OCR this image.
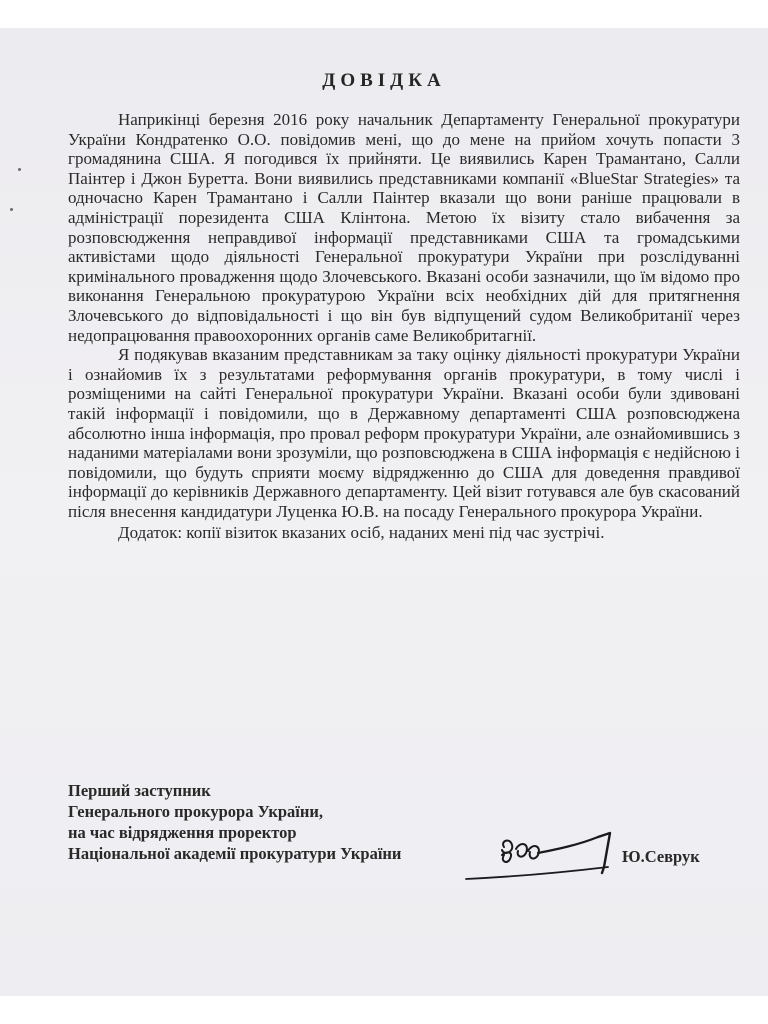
ДОВІДКА

Наприкінці березня 2016 року начальник Департаменту Генеральної прокуратури України Кондратенко О.О. повідомив мені, що до мене на прийом хочуть попасти 3 громадянина США. Я погодився їх прийняти. Це виявились Карен Трамантано, Салли Паінтер і Джон Буретта. Вони виявились представниками компанії «BlueStar Strategies» та одночасно Карен Трамантано і Салли Паінтер вказали що вони раніше працювали в адміністрації порезидента США Клінтона. Метою їх візиту стало вибачення за розповсюдження неправдивої інформації представниками США та громадськими активістами щодо діяльності Генеральної прокуратури України при розслідуванні кримінального провадження щодо Злочевського. Вказані особи зазначили, що їм відомо про виконання Генеральною прокуратурою України всіх необхідних дій для притягнення Злочевського до відповідальності і що він був відпущений судом Великобританії через недопрацювання правоохоронних органів саме Великобритагнії.

Я подякував вказаним представникам за таку оцінку діяльності прокуратури України і ознайомив їх з результатами реформування органів прокуратури, в тому числі і розміщеними на сайті Генеральної прокуратури України. Вказані особи були здивовані такій інформації і повідомили, що в Державному департаменті США розповсюджена абсолютно інша інформація, про провал реформ прокуратури України, але ознайомившись з наданими матеріалами вони зрозуміли, що розповсюджена в США інформація є недійсною і повідомили, що будуть сприяти моєму відрядженню до США для доведення правдивої інформації до керівників Державного департаменту. Цей візит готувався але був скасований після внесення кандидатури Луценка Ю.В. на посаду Генерального прокурора України.

Додаток: копії візиток вказаних осіб, наданих мені під час зустрічі.

Перший заступник
Генерального прокурора України,
на час відрядження проректор
Національної академії прокуратури України	Ю.Севрук
